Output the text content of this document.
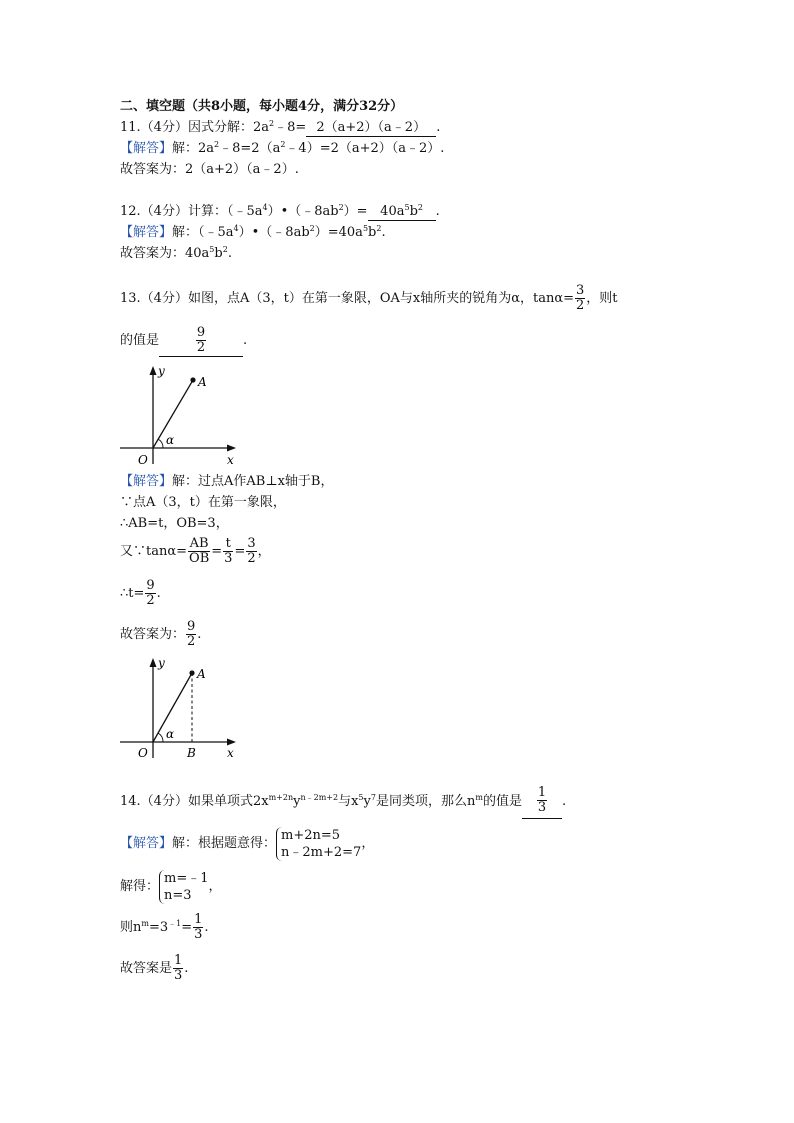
二、填空题（共8小题，每小题4分，满分32分）
11.（4分）因式分解：$2a^2﹣8=$ 2（a+2）（a﹣2） .
【解答】解：$2a^2﹣8=2(a^2﹣4)=2(a+2)(a﹣2)$.
故答案为：2（a+2）（a﹣2）.
12.（4分）计算：$(﹣5a^4)•(﹣8ab^2)= 40a^5b^2$ .
【解答】解：$(﹣5a^4)•(﹣8ab^2)=40a^5b^2$.
故答案为：$40a^5b^2$.
13.（4分）如图，点A（3，t）在第一象限，OA与x轴所夹的锐角为α，$\tan\alpha= \frac{3}{2}$ ，则t
的值是	$\frac{9}{2}$	.
y
A
α
O	x
【解答】解：过点A作AB⊥x轴于B，
∵点A（3，t）在第一象限，
∴AB=t，OB=3，
又∵tanα= $\frac{AB}{OB} = \frac{t}{3} = \frac{3}{2}$ ，
∴t= $\frac{9}{2}$ .
故答案为： $\frac{9}{2}$ .
y
A
α
O	B	x
14.（4分）如果单项式$2x^{m+2n}y^{n﹣2m+2}$与$x^5y^7$是同类项，那么$n^m$的值是 $\frac{1}{3}$ .
【解答】解：根据题意得：
m+2n=5
n﹣2m+2=7
，
解得：
m=﹣1
n=3
，
则$n^m=3^{﹣1}= \frac{1}{3}$ .
故答案是 $\frac{1}{3}$ .
